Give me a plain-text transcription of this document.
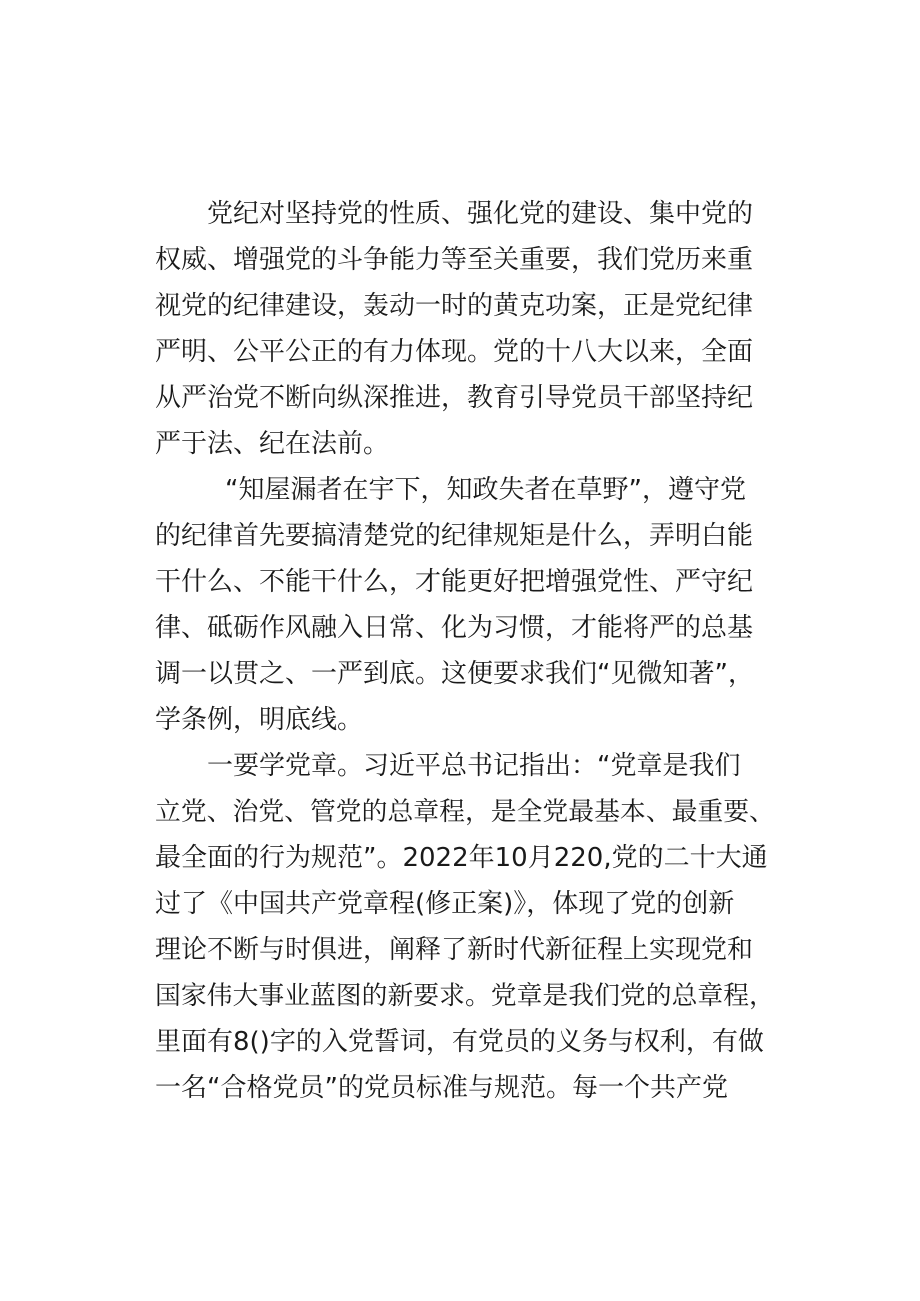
党纪对坚持党的性质、强化党的建设、集中党的
权威、增强党的斗争能力等至关重要，我们党历来重
视党的纪律建设，轰动一时的黄克功案，正是党纪律
严明、公平公正的有力体现。党的十八大以来，全面
从严治党不断向纵深推进，教育引导党员干部坚持纪
严于法、纪在法前。
“知屋漏者在宇下，知政失者在草野”，遵守党
的纪律首先要搞清楚党的纪律规矩是什么，弄明白能
干什么、不能干什么，才能更好把增强党性、严守纪
律、砥砺作风融入日常、化为习惯，才能将严的总基
调一以贯之、一严到底。这便要求我们“见微知著”，
学条例，明底线。
一要学党章。习近平总书记指出：“党章是我们
立党、治党、管党的总章程，是全党最基本、最重要、
最全面的行为规范”。2022年10月220,党的二十大通
过了《中国共产党章程(修正案)》，体现了党的创新
理论不断与时俱进，阐释了新时代新征程上实现党和
国家伟大事业蓝图的新要求。党章是我们党的总章程，
里面有8()字的入党誓词，有党员的义务与权利，有做
一名“合格党员”的党员标准与规范。每一个共产党
